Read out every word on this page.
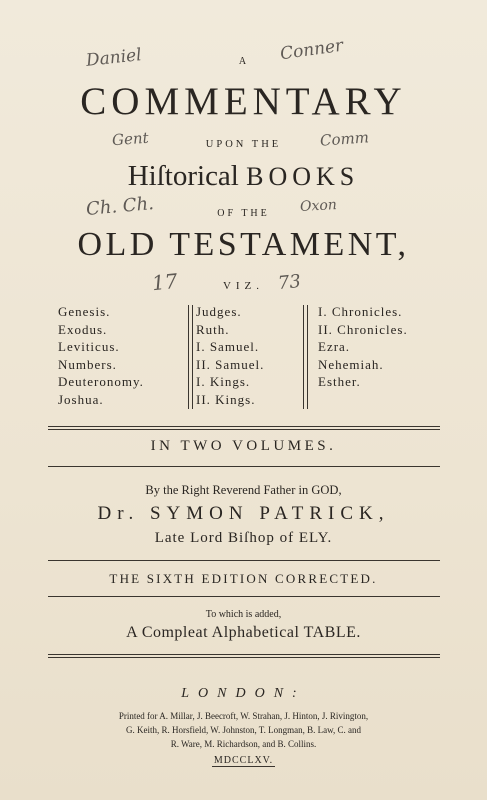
Daniel	Conner
Gent	Comm
Ch. Ch.	Oxon
17	73
A
COMMENTARY
UPON THE
Hiſtorical BOOKS
OF THE
OLD TESTAMENT,
VIZ.
Genesis.
Exodus.
Leviticus.
Numbers.
Deuteronomy.
Joshua.
Judges.
Ruth.
I. Samuel.
II. Samuel.
I. Kings.
II. Kings.
I. Chronicles.
II. Chronicles.
Ezra.
Nehemiah.
Esther.
IN TWO VOLUMES.
By the Right Reverend Father in GOD,
Dr. SYMON PATRICK,
Late Lord Biſhop of ELY.
THE SIXTH EDITION CORRECTED.
To which is added,
A Compleat Alphabetical TABLE.
LONDON:
Printed for A. Millar, J. Beecroft, W. Strahan, J. Hinton, J. Rivington,
G. Keith, R. Horsfield, W. Johnston, T. Longman, B. Law, C. and
R. Ware, M. Richardson, and B. Collins.
MDCCLXV.
